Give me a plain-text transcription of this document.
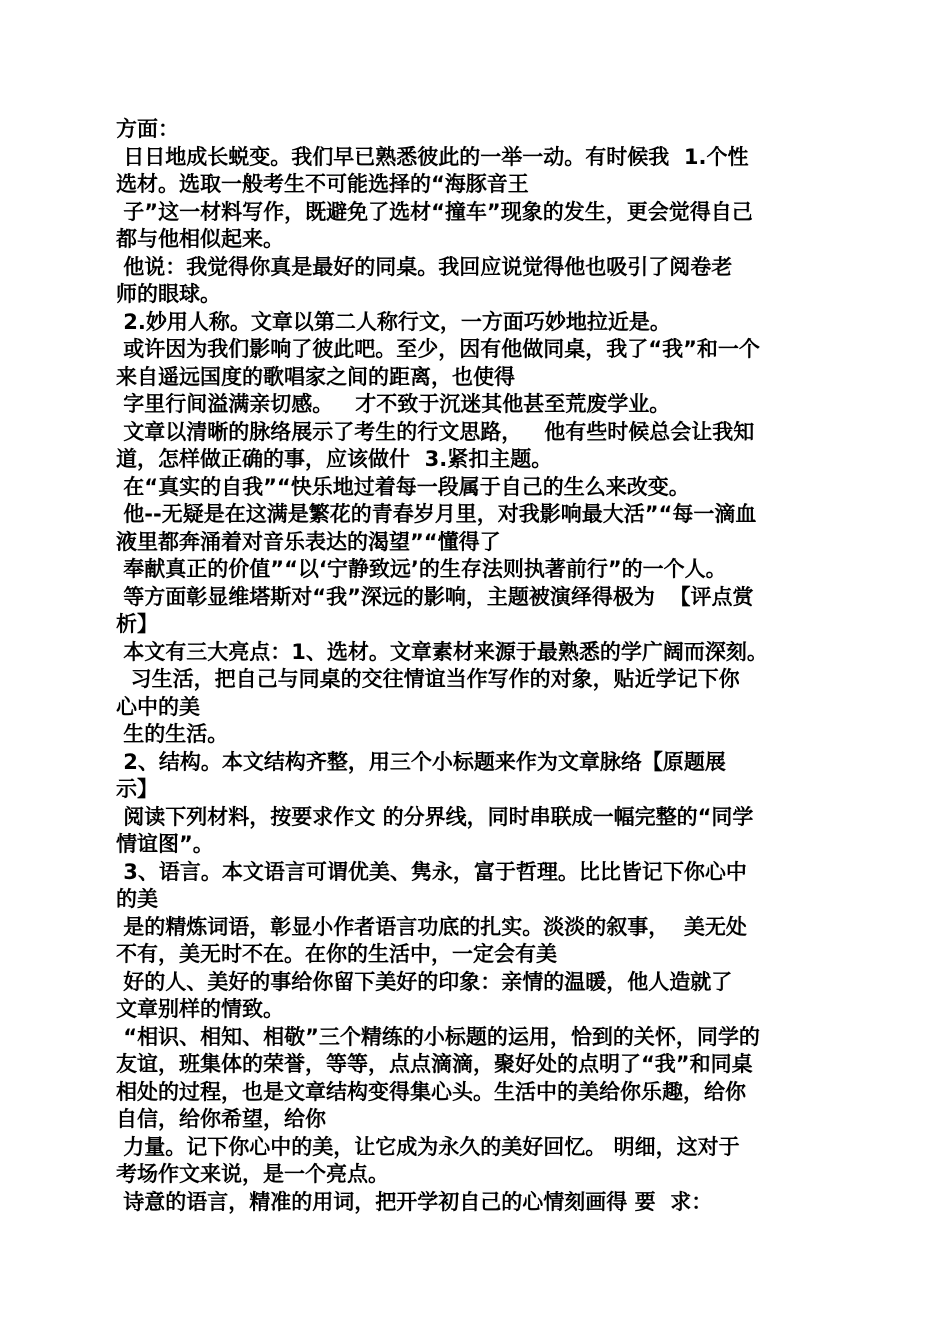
方面：
日日地成长蜕变。我们早已熟悉彼此的一举一动。有时候我  1.个性
选材。选取一般考生不可能选择的“海豚音王
子”这一材料写作，既避免了选材“撞车”现象的发生，更会觉得自己
都与他相似起来。
他说：我觉得你真是最好的同桌。我回应说觉得他也吸引了阅卷老
师的眼球。
2.妙用人称。文章以第二人称行文，一方面巧妙地拉近是。
或许因为我们影响了彼此吧。至少，因有他做同桌，我了“我”和一个
来自遥远国度的歌唱家之间的距离，也使得
字里行间溢满亲切感。   才不致于沉迷其他甚至荒废学业。
文章以清晰的脉络展示了考生的行文思路，   他有些时候总会让我知
道，怎样做正确的事，应该做什  3.紧扣主题。
在“真实的自我”“快乐地过着每一段属于自己的生么来改变。
他--无疑是在这满是繁花的青春岁月里，对我影响最大活”“每一滴血
液里都奔涌着对音乐表达的渴望”“懂得了
奉献真正的价值”“以‘宁静致远’的生存法则执著前行”的一个人。
等方面彰显维塔斯对“我”深远的影响，主题被演绎得极为  【评点赏
析】
本文有三大亮点：1、选材。文章素材来源于最熟悉的学广阔而深刻。
习生活，把自己与同桌的交往情谊当作写作的对象，贴近学记下你
心中的美
生的生活。
2、结构。本文结构齐整，用三个小标题来作为文章脉络【原题展
示】
阅读下列材料，按要求作文 的分界线，同时串联成一幅完整的“同学
情谊图”。
3、语言。本文语言可谓优美、隽永，富于哲理。比比皆记下你心中
的美
是的精炼词语，彰显小作者语言功底的扎实。淡淡的叙事，  美无处
不有，美无时不在。在你的生活中，一定会有美
好的人、美好的事给你留下美好的印象：亲情的温暖，他人造就了
文章别样的情致。
“相识、相知、相敬”三个精练的小标题的运用，恰到的关怀，同学的
友谊，班集体的荣誉，等等，点点滴滴，聚好处的点明了“我”和同桌
相处的过程，也是文章结构变得集心头。生活中的美给你乐趣，给你
自信，给你希望，给你
力量。记下你心中的美，让它成为永久的美好回忆。 明细，这对于
考场作文来说，是一个亮点。
诗意的语言，精准的用词，把开学初自己的心情刻画得 要  求：
